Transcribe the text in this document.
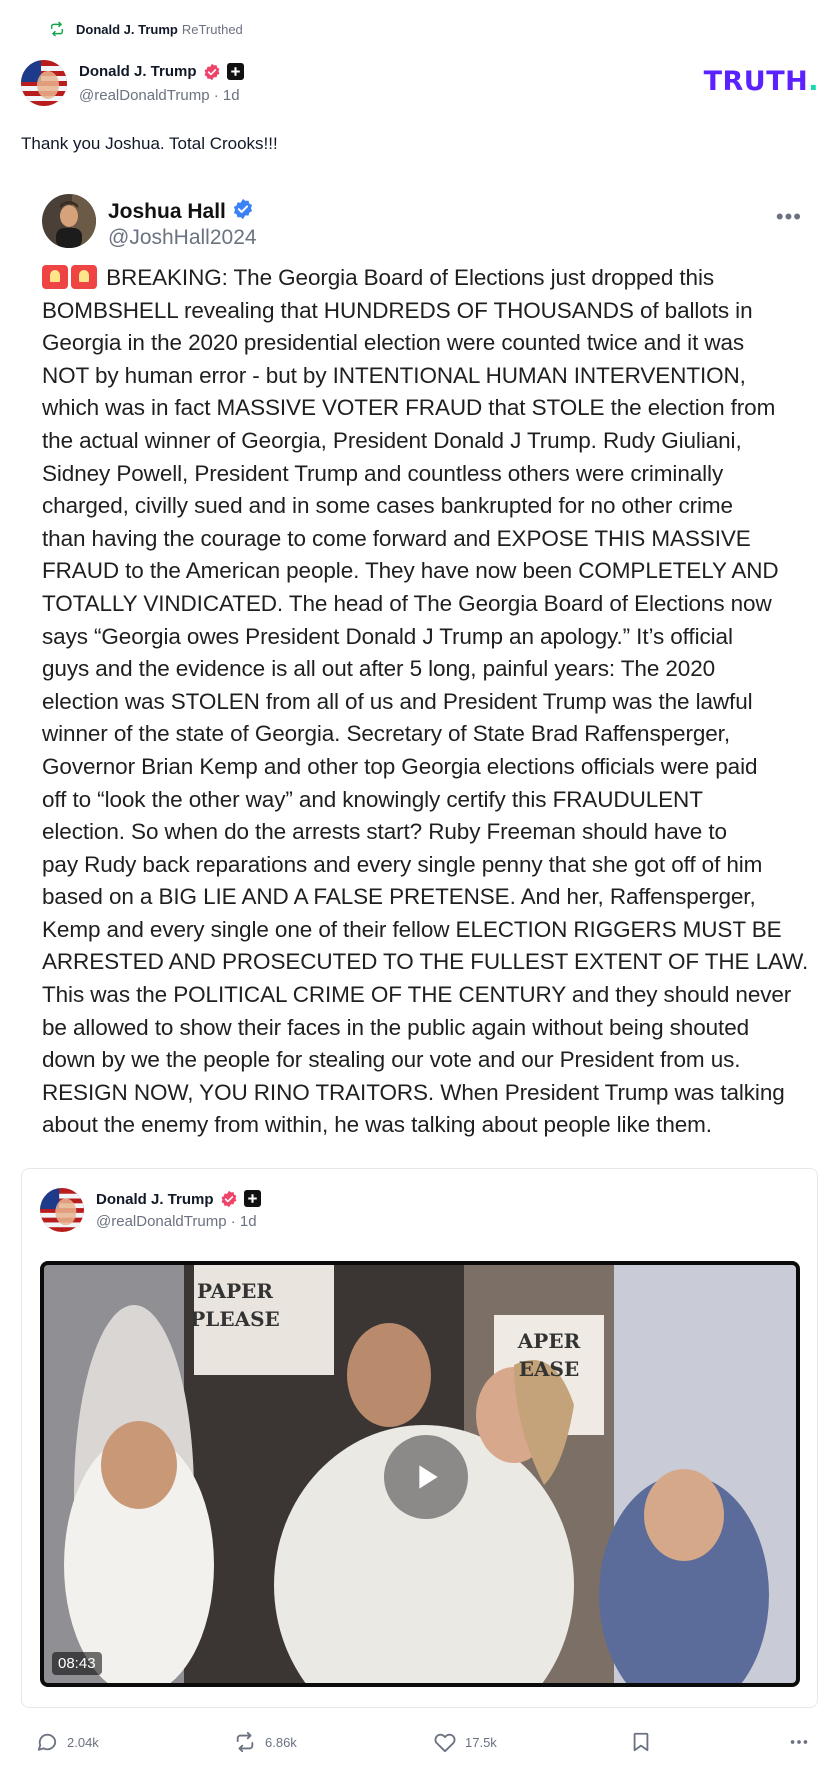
Donald J. Trump ReTruthed
Donald J. Trump
@realDonaldTrump · 1d	TRUTH.
Thank you Joshua. Total Crooks!!!
Joshua Hall
@JoshHall2024
•••
BREAKING: The Georgia Board of Elections just dropped this
BOMBSHELL revealing that HUNDREDS OF THOUSANDS of ballots in
Georgia in the 2020 presidential election were counted twice and it was
NOT by human error - but by INTENTIONAL HUMAN INTERVENTION,
which was in fact MASSIVE VOTER FRAUD that STOLE the election from
the actual winner of Georgia, President Donald J Trump. Rudy Giuliani,
Sidney Powell, President Trump and countless others were criminally
charged, civilly sued and in some cases bankrupted for no other crime
than having the courage to come forward and EXPOSE THIS MASSIVE
FRAUD to the American people. They have now been COMPLETELY AND
TOTALLY VINDICATED. The head of The Georgia Board of Elections now
says “Georgia owes President Donald J Trump an apology.” It’s official
guys and the evidence is all out after 5 long, painful years: The 2020
election was STOLEN from all of us and President Trump was the lawful
winner of the state of Georgia. Secretary of State Brad Raffensperger,
Governor Brian Kemp and other top Georgia elections officials were paid
off to “look the other way” and knowingly certify this FRAUDULENT
election. So when do the arrests start? Ruby Freeman should have to
pay Rudy back reparations and every single penny that she got off of him
based on a BIG LIE AND A FALSE PRETENSE. And her, Raffensperger,
Kemp and every single one of their fellow ELECTION RIGGERS MUST BE
ARRESTED AND PROSECUTED TO THE FULLEST EXTENT OF THE LAW.
This was the POLITICAL CRIME OF THE CENTURY and they should never
be allowed to show their faces in the public again without being shouted
down by we the people for stealing our vote and our President from us.
RESIGN NOW, YOU RINO TRAITORS. When President Trump was talking
about the enemy from within, he was talking about people like them.
Donald J. Trump
@realDonaldTrump · 1d
PAPER
PLEASE
APER
EASE
08:43
2.04k	6.86k	17.5k
